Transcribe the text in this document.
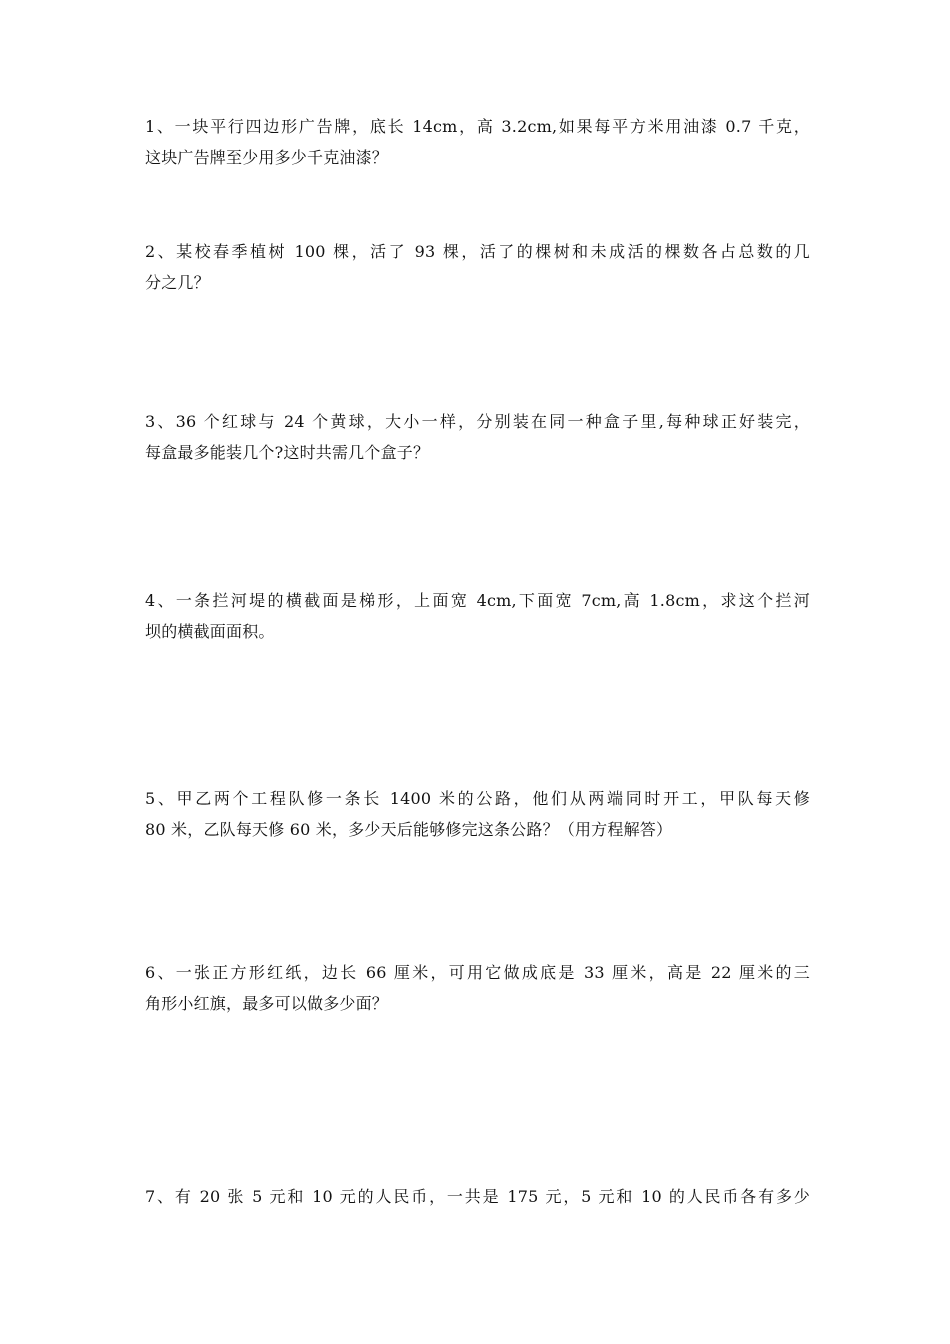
1、一块平行四边形广告牌，底长 14cm，高 3.2cm,如果每平方米用油漆 0.7 千克，
这块广告牌至少用多少千克油漆？
2、某校春季植树 100 棵，活了 93 棵，活了的棵树和未成活的棵数各占总数的几
分之几？
3、36 个红球与 24 个黄球，大小一样，分别装在同一种盒子里,每种球正好装完，
每盒最多能装几个?这时共需几个盒子？
4、一条拦河堤的横截面是梯形，上面宽 4cm,下面宽 7cm,高 1.8cm，求这个拦河
坝的横截面面积。
5、甲乙两个工程队修一条长 1400 米的公路，他们从两端同时开工，甲队每天修
80 米，乙队每天修 60 米，多少天后能够修完这条公路？（用方程解答）
6、一张正方形红纸，边长 66 厘米，可用它做成底是 33 厘米，高是 22 厘米的三
角形小红旗，最多可以做多少面？
7、有 20 张 5 元和 10 元的人民币，一共是 175 元，5 元和 10 的人民币各有多少
